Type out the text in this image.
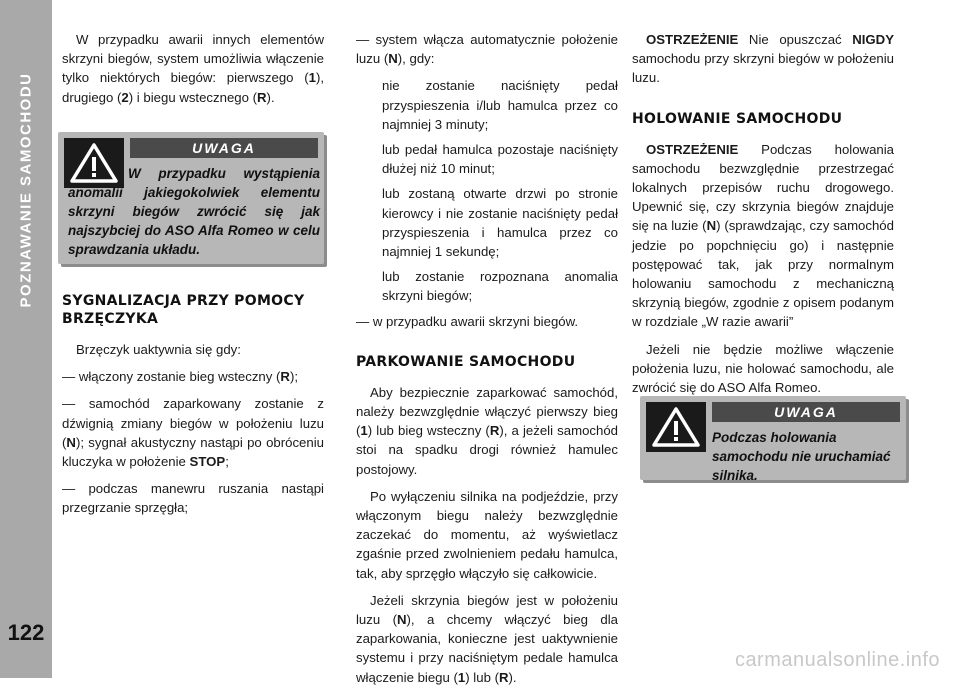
POZNAWANIE SAMOCHODU
122

W przypadku awarii innych elementów skrzyni biegów, system umożliwia włączenie tylko niektórych biegów: pierwszego (1), drugiego (2) i biegu wstecznego (R).

UWAGA
W przypadku wystąpienia anomalii jakiegokolwiek elementu skrzyni biegów zwrócić się jak najszybciej do ASO Alfa Romeo w celu sprawdzania układu.
SYGNALIZACJA PRZY POMOCY BRZĘCZYKA

Brzęczyk uaktywnia się gdy:

— włączony zostanie bieg wsteczny (R);

— samochód zaparkowany zostanie z dźwignią zmiany biegów w położeniu luzu (N); sygnał akustyczny nastąpi po obróceniu kluczyka w położenie STOP;

— podczas manewru ruszania nastąpi przegrzanie sprzęgła;

— system włącza automatycznie położenie luzu (N), gdy:

nie zostanie naciśnięty pedał przyspieszenia i/lub hamulca przez co najmniej 3 minuty;

lub pedał hamulca pozostaje naciśnięty dłużej niż 10 minut;

lub zostaną otwarte drzwi po stronie kierowcy i nie zostanie naciśnięty pedał przyspieszenia i hamulca przez co najmniej 1 sekundę;

lub zostanie rozpoznana anomalia skrzyni biegów;

— w przypadku awarii skrzyni biegów.

PARKOWANIE SAMOCHODU

Aby bezpiecznie zaparkować samochód, należy bezwzględnie włączyć pierwszy bieg (1) lub bieg wsteczny (R), a jeżeli samochód stoi na spadku drogi również hamulec postojowy.

Po wyłączeniu silnika na podjeździe, przy włączonym biegu należy bezwzględnie zaczekać do momentu, aż wyświetlacz zgaśnie przed zwolnieniem pedału hamulca, tak, aby sprzęgło włączyło się całkowicie.

Jeżeli skrzynia biegów jest w położeniu luzu (N), a chcemy włączyć bieg dla zaparkowania, konieczne jest uaktywnienie systemu i przy naciśniętym pedale hamulca włączenie biegu (1) lub (R).

OSTRZEŻENIE Nie opuszczać NIGDY samochodu przy skrzyni biegów w położeniu luzu.

HOLOWANIE SAMOCHODU

OSTRZEŻENIE Podczas holowania samochodu bezwzględnie przestrzegać lokalnych przepisów ruchu drogowego. Upewnić się, czy skrzynia biegów znajduje się na luzie (N) (sprawdzając, czy samochód jedzie po popchnięciu go) i następnie postępować tak, jak przy normalnym holowaniu samochodu z mechaniczną skrzynią biegów, zgodnie z opisem podanym w rozdziale „W razie awarii”

Jeżeli nie będzie możliwe włączenie położenia luzu, nie holować samochodu, ale zwrócić się do ASO Alfa Romeo.

UWAGA
Podczas holowania samochodu nie uruchamiać silnika.
carmanualsonline.info
